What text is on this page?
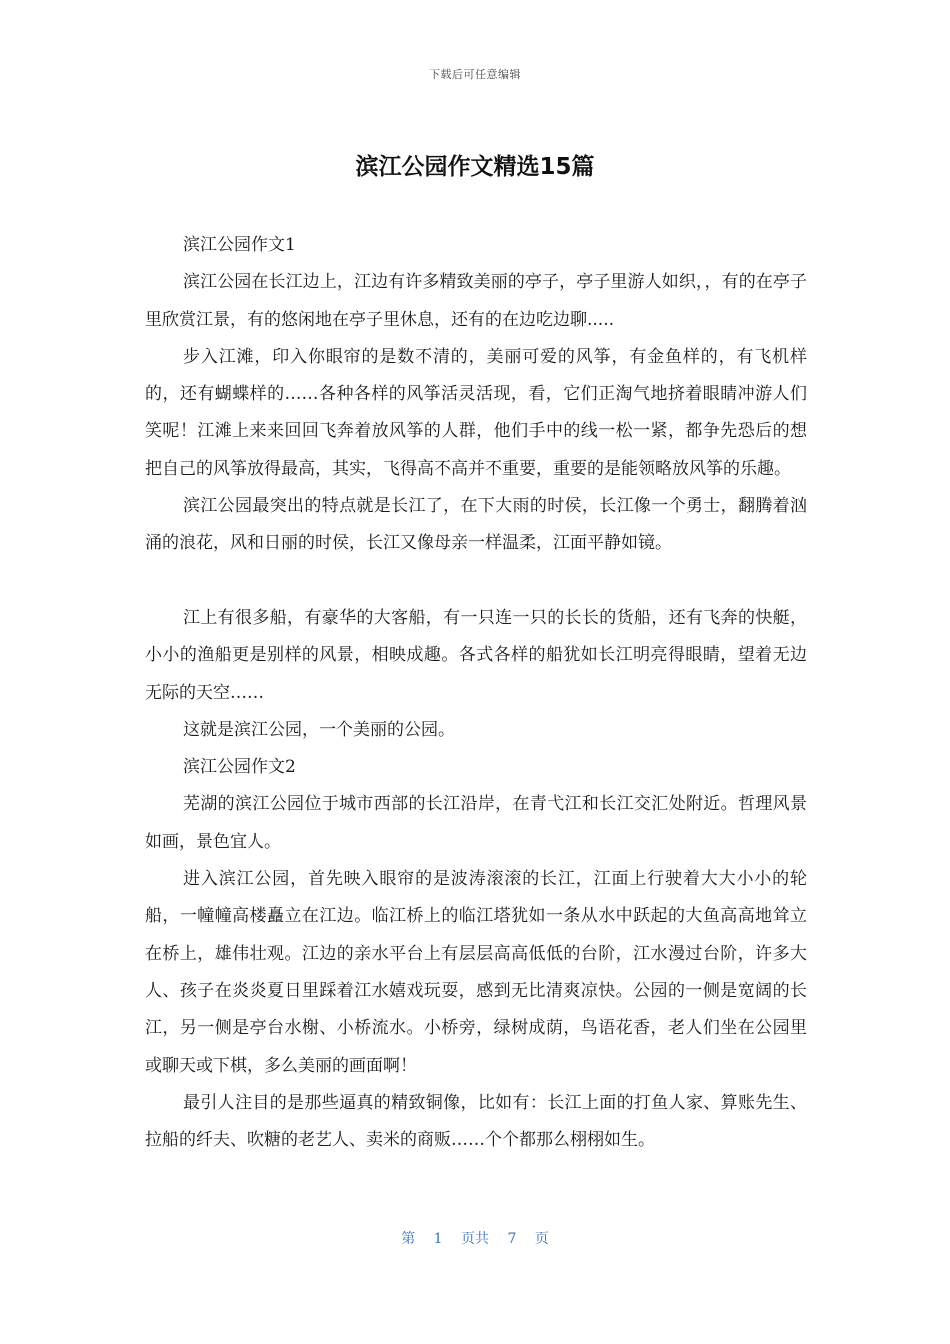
下载后可任意编辑
滨江公园作文精选15篇

滨江公园作文1

滨江公园在长江边上，江边有许多精致美丽的亭子，亭子里游人如织，，有的在亭子里欣赏江景，有的悠闲地在亭子里休息，还有的在边吃边聊.....

步入江滩，印入你眼帘的是数不清的，美丽可爱的风筝，有金鱼样的，有飞机样的，还有蝴蝶样的……各种各样的风筝活灵活现，看，它们正淘气地挤着眼睛冲游人们笑呢！江滩上来来回回飞奔着放风筝的人群，他们手中的线一松一紧，都争先恐后的想把自己的风筝放得最高，其实，飞得高不高并不重要，重要的是能领略放风筝的乐趣。

滨江公园最突出的特点就是长江了，在下大雨的时侯，长江像一个勇士，翻腾着汹涌的浪花，风和日丽的时侯，长江又像母亲一样温柔，江面平静如镜。

江上有很多船，有豪华的大客船，有一只连一只的长长的货船，还有飞奔的快艇，小小的渔船更是别样的风景，相映成趣。各式各样的船犹如长江明亮得眼睛，望着无边无际的天空……

这就是滨江公园，一个美丽的公园。

滨江公园作文2

芜湖的滨江公园位于城市西部的长江沿岸，在青弋江和长江交汇处附近。哲理风景如画，景色宜人。

进入滨江公园，首先映入眼帘的是波涛滚滚的长江，江面上行驶着大大小小的轮船，一幢幢高楼矗立在江边。临江桥上的临江塔犹如一条从水中跃起的大鱼高高地耸立在桥上，雄伟壮观。江边的亲水平台上有层层高高低低的台阶，江水漫过台阶，许多大人、孩子在炎炎夏日里踩着江水嬉戏玩耍，感到无比清爽凉快。公园的一侧是宽阔的长江，另一侧是亭台水榭、小桥流水。小桥旁，绿树成荫，鸟语花香，老人们坐在公园里或聊天或下棋，多么美丽的画面啊！

最引人注目的是那些逼真的精致铜像，比如有：长江上面的打鱼人家、算账先生、拉船的纤夫、吹糖的老艺人、卖米的商贩……个个都那么栩栩如生。

第 1 页共 7 页
